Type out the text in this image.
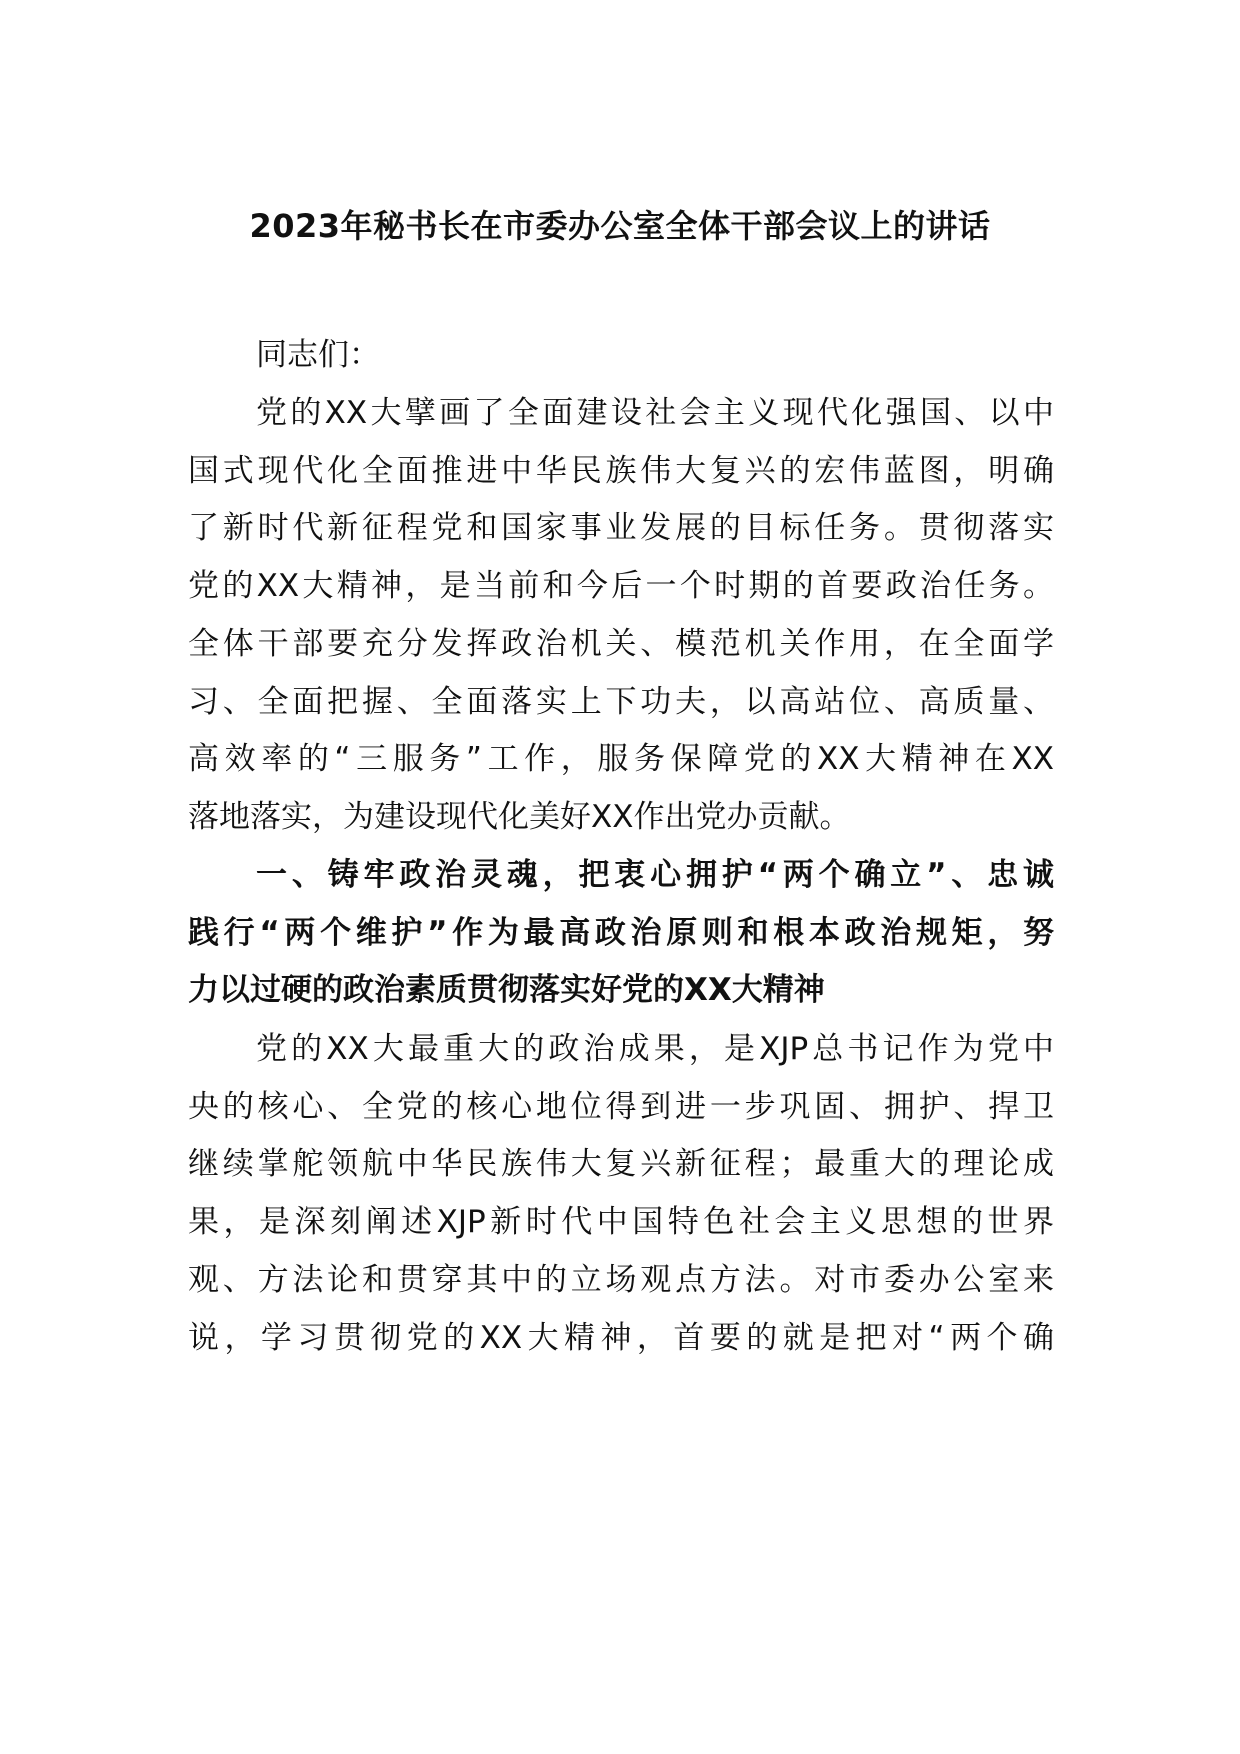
2023年秘书长在市委办公室全体干部会议上的讲话

同志们：

党的XX大擘画了全面建设社会主义现代化强国、以中

国式现代化全面推进中华民族伟大复兴的宏伟蓝图，明确

了新时代新征程党和国家事业发展的目标任务。贯彻落实

党的XX大精神，是当前和今后一个时期的首要政治任务。

全体干部要充分发挥政治机关、模范机关作用，在全面学

习、全面把握、全面落实上下功夫，以高站位、高质量、

高效率的“三服务”工作，服务保障党的XX大精神在XX

落地落实，为建设现代化美好XX作出党办贡献。

一、铸牢政治灵魂，把衷心拥护“两个确立”、忠诚

践行“两个维护”作为最高政治原则和根本政治规矩，努

力以过硬的政治素质贯彻落实好党的XX大精神

党的XX大最重大的政治成果，是XJP总书记作为党中

央的核心、全党的核心地位得到进一步巩固、拥护、捍卫

继续掌舵领航中华民族伟大复兴新征程；最重大的理论成

果，是深刻阐述XJP新时代中国特色社会主义思想的世界

观、方法论和贯穿其中的立场观点方法。对市委办公室来

说，学习贯彻党的XX大精神，首要的就是把对“两个确
